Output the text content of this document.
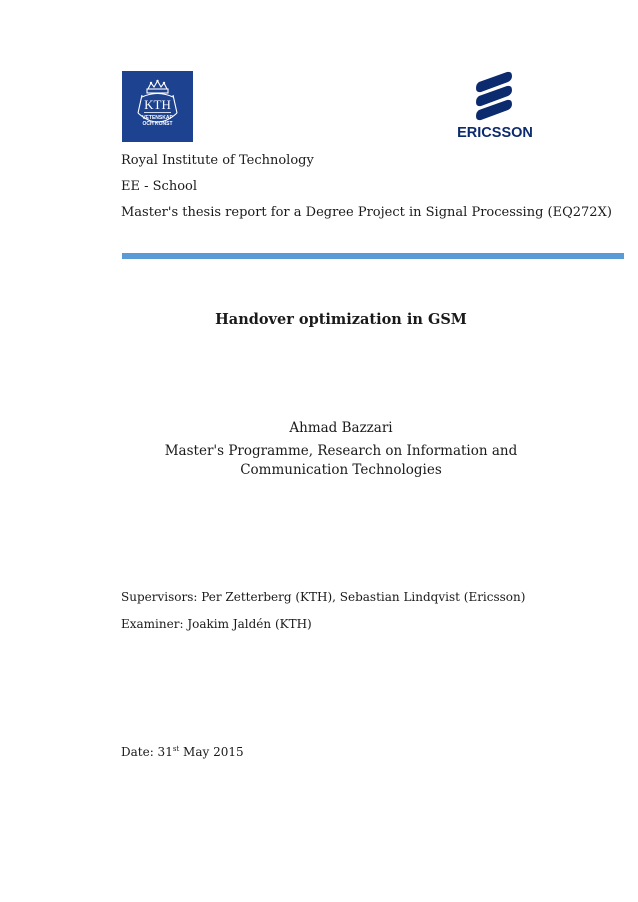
KTH
VETENSKAP
OCH KONST
ERICSSON
Royal Institute of Technology
EE - School
Master's thesis report for a Degree Project in Signal Processing (EQ272X)
Handover optimization in GSM
Ahmad Bazzari
Master's Programme, Research on Information and Communication Technologies
Supervisors: Per Zetterberg (KTH), Sebastian Lindqvist (Ericsson)
Examiner: Joakim Jaldén (KTH)
Date: 31st May 2015
